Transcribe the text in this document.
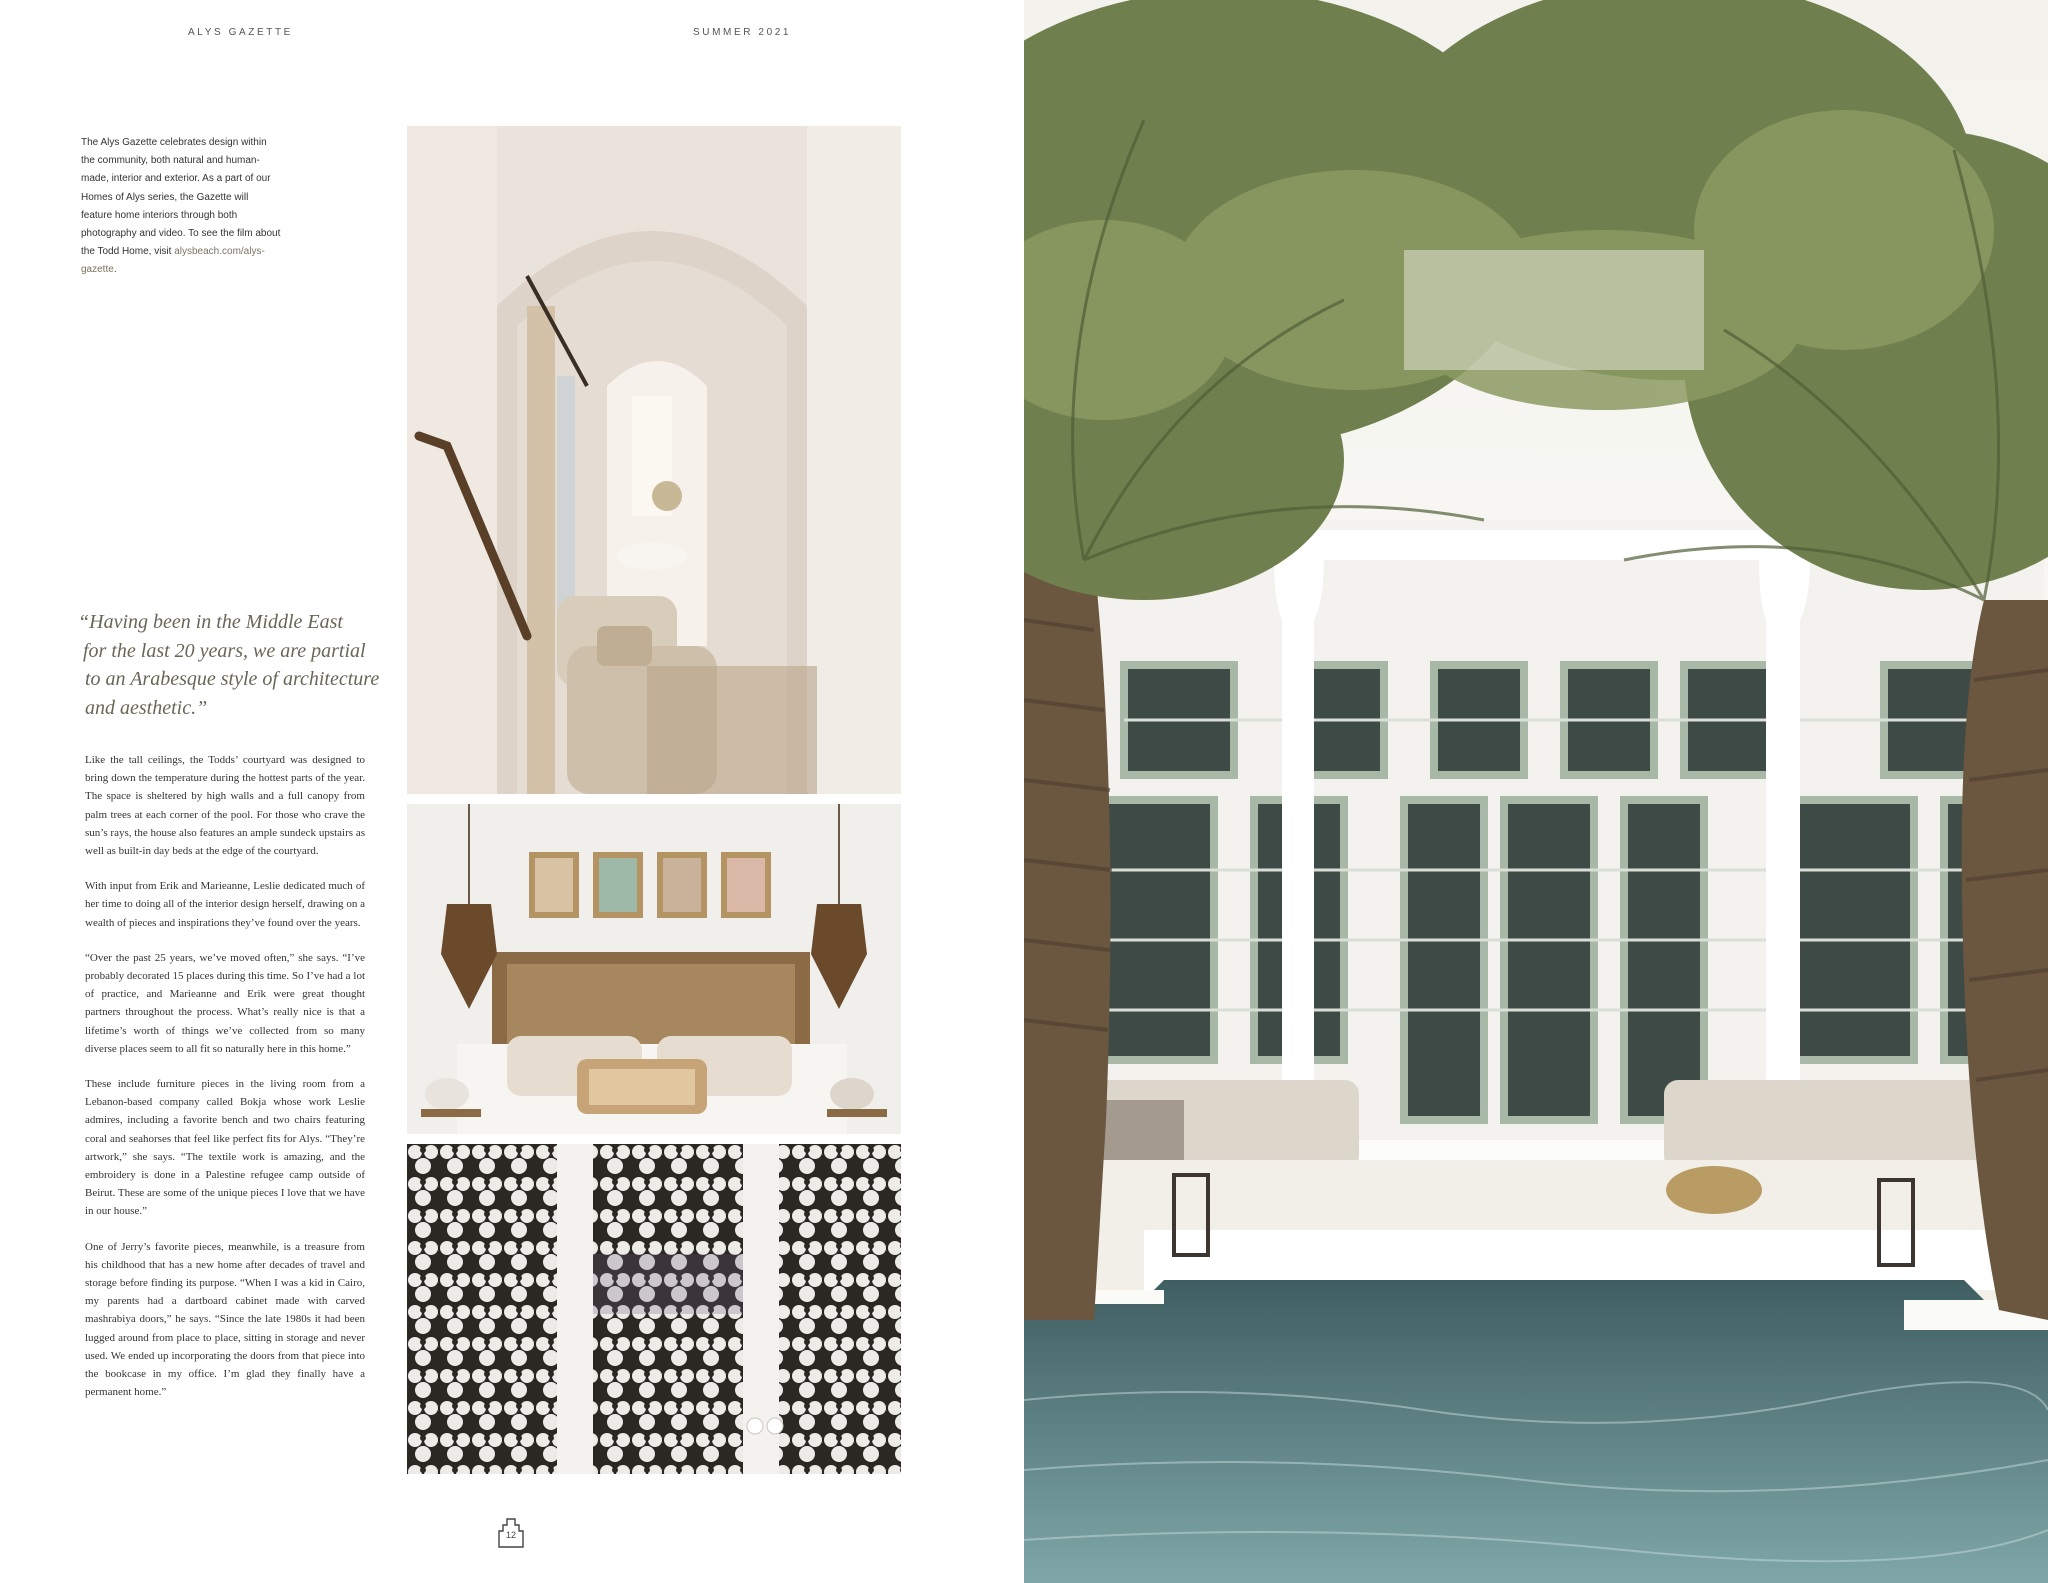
ALYS GAZETTE	SUMMER 2021
The Alys Gazette celebrates design within the community, both natural and human-made, interior and exterior. As a part of our Homes of Alys series, the Gazette will feature home interiors through both photography and video. To see the film about the Todd Home, visit alysbeach.com/alys-gazette.
“Having been in the Middle East
for the last 20 years, we are partial
to an Arabesque style of architecture
and aesthetic.”

Like the tall ceilings, the Todds’ courtyard was designed to bring down the temperature during the hottest parts of the year. The space is sheltered by high walls and a full canopy from palm trees at each corner of the pool. For those who crave the sun’s rays, the house also features an ample sundeck upstairs as well as built-in day beds at the edge of the courtyard.

With input from Erik and Marieanne, Leslie dedicated much of her time to doing all of the interior design herself, drawing on a wealth of pieces and inspirations they’ve found over the years.

“Over the past 25 years, we’ve moved often,” she says. “I’ve probably decorated 15 places during this time. So I’ve had a lot of practice, and Marieanne and Erik were great thought partners throughout the process. What’s really nice is that a lifetime’s worth of things we’ve collected from so many diverse places seem to all fit so naturally here in this home.”

These include furniture pieces in the living room from a Lebanon-based company called Bokja whose work Leslie admires, including a favorite bench and two chairs featuring coral and seahorses that feel like perfect fits for Alys. “They’re artwork,” she says. “The textile work is amazing, and the embroidery is done in a Palestine refugee camp outside of Beirut. These are some of the unique pieces I love that we have in our house.”

One of Jerry’s favorite pieces, meanwhile, is a treasure from his childhood that has a new home after decades of travel and storage before finding its purpose. “When I was a kid in Cairo, my parents had a dartboard cabinet made with carved mashrabiya doors,” he says. “Since the late 1980s it had been lugged around from place to place, sitting in storage and never used. We ended up incorporating the doors from that piece into the bookcase in my office. I’m glad they finally have a permanent home.”

12
